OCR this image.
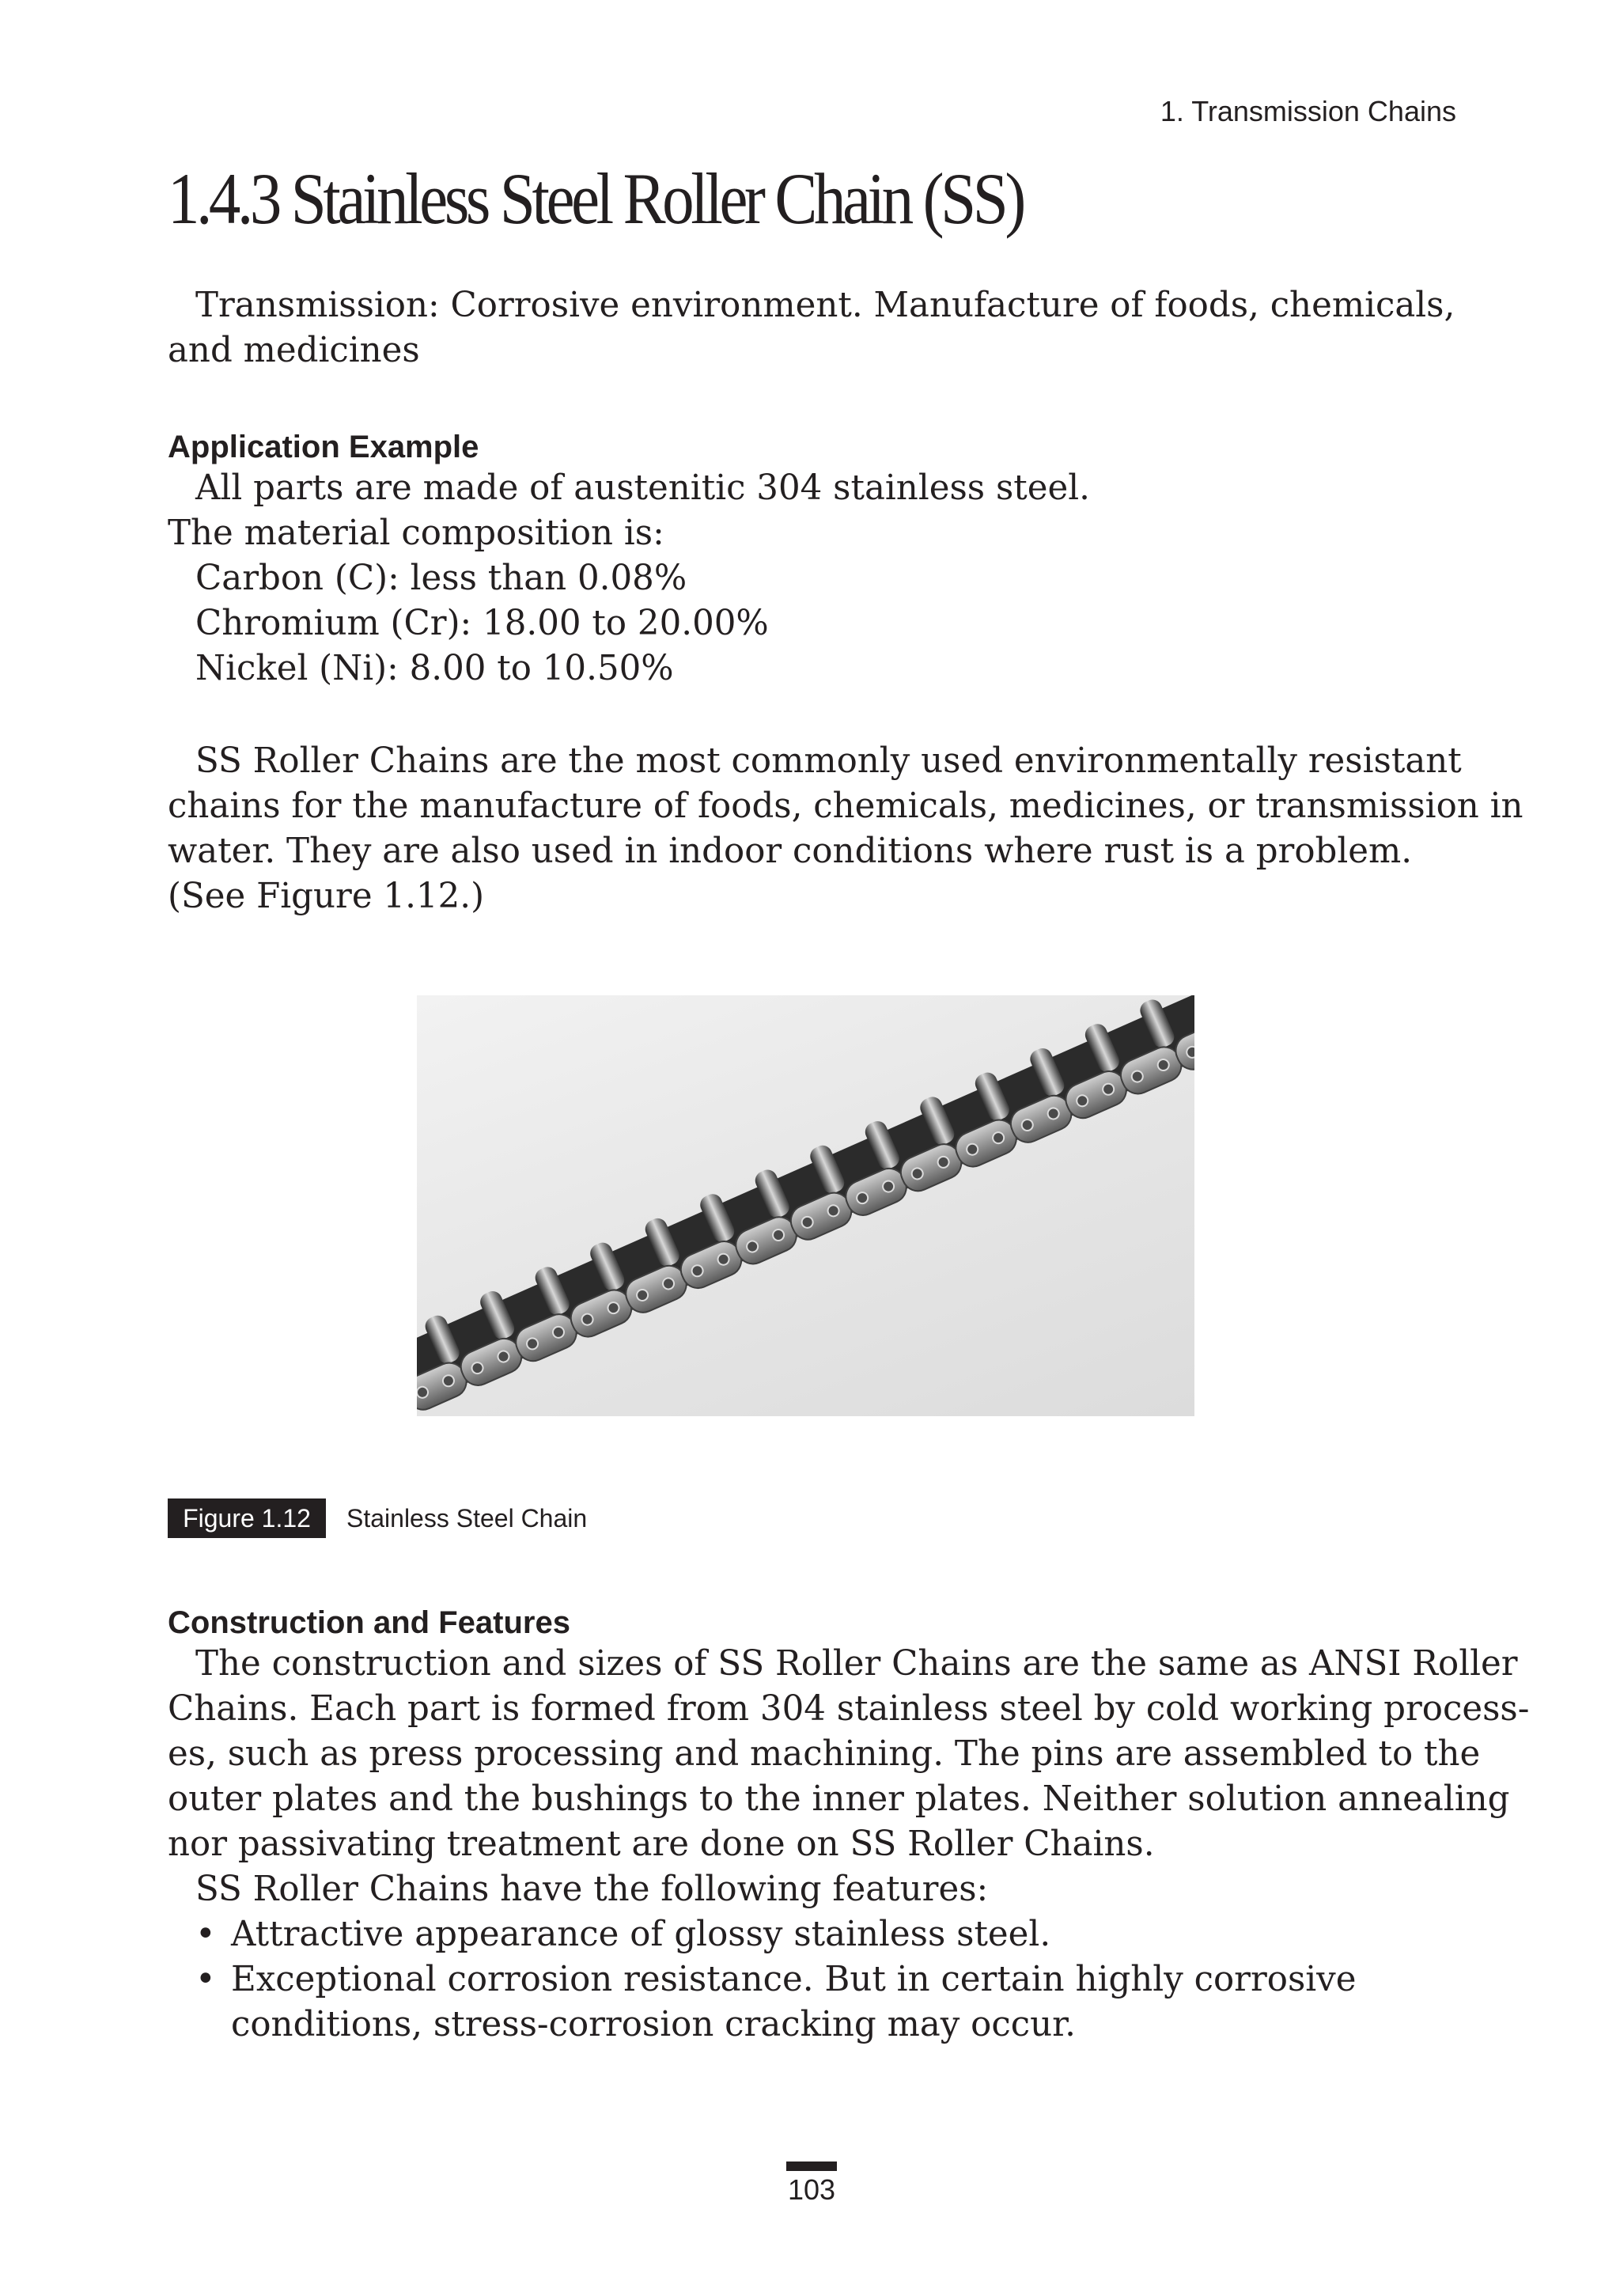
1. Transmission Chains
1.4.3 Stainless Steel Roller Chain (SS)
Transmission: Corrosive environment. Manufacture of foods, chemicals,
and medicines
Application Example
All parts are made of austenitic 304 stainless steel.
The material composition is:
Carbon (C): less than 0.08%
Chromium (Cr): 18.00 to 20.00%
Nickel (Ni): 8.00 to 10.50%
SS Roller Chains are the most commonly used environmentally resistant
chains for the manufacture of foods, chemicals, medicines, or transmission in
water. They are also used in indoor conditions where rust is a problem.
(See Figure 1.12.)
Figure 1.12	Stainless Steel Chain
Construction and Features
The construction and sizes of SS Roller Chains are the same as ANSI Roller
Chains. Each part is formed from 304 stainless steel by cold working process-
es, such as press processing and machining. The pins are assembled to the
outer plates and the bushings to the inner plates. Neither solution annealing
nor passivating treatment are done on SS Roller Chains.
SS Roller Chains have the following features:
• Attractive appearance of glossy stainless steel.
• Exceptional corrosion resistance. But in certain highly corrosive
conditions, stress-corrosion cracking may occur.
103
